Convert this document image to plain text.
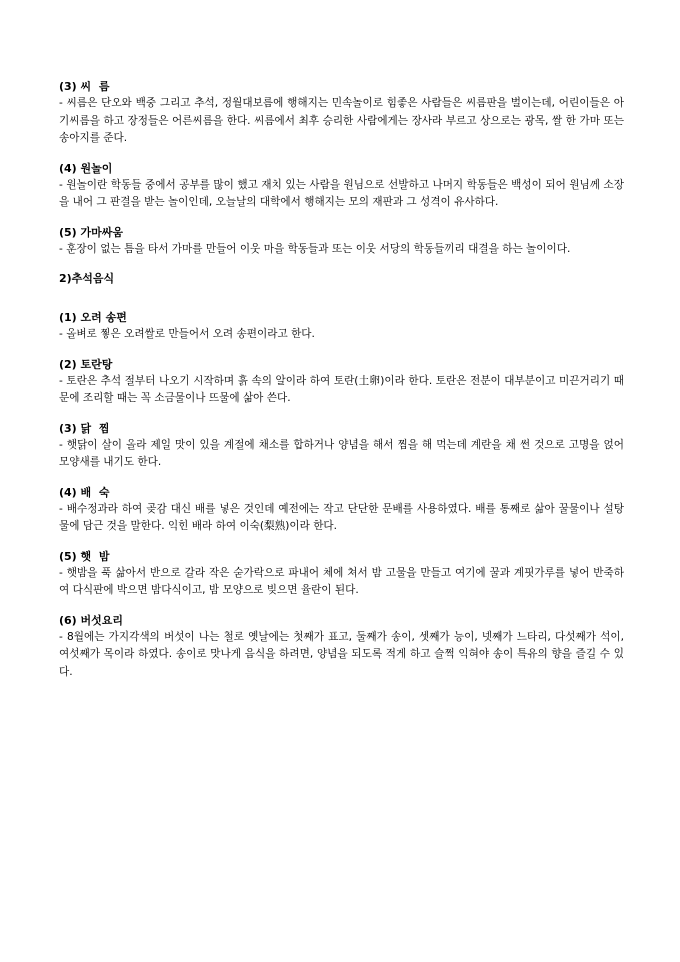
(3) 씨  름

- 씨름은 단오와 백중 그리고 추석, 정월대보름에 행해지는 민속놀이로 힘좋은 사람들은 씨름판을 벌이는데, 어린이들은 아기씨름을 하고 장정들은 어른씨름을 한다. 씨름에서 최후 승리한 사람에게는 장사라 부르고 상으로는 광목, 쌀 한 가마 또는 송아지를 준다.

(4) 원놀이

- 원놀이란 학동들 중에서 공부를 많이 했고 재치 있는 사람을 원님으로 선발하고 나머지 학동들은 백성이 되어 원님께 소장을 내어 그 판결을 받는 놀이인데, 오늘날의 대학에서 행해지는 모의 재판과 그 성격이 유사하다.

(5) 가마싸움

- 훈장이 없는 틈을 타서 가마를 만들어 이웃 마을 학동들과 또는 이웃 서당의 학동들끼리 대결을 하는 놀이이다.

2)추석음식

(1) 오려 송편

- 올벼로 찧은 오려쌀로 만들어서 오려 송편이라고 한다.

(2) 토란탕

- 토란은 추석 절부터 나오기 시작하며 흙 속의 알이라 하여 토란(土卵)이라 한다. 토란은 전분이 대부분이고 미끈거리기 때문에 조리할 때는 꼭 소금물이나 뜨물에 삶아 쓴다.

(3) 닭  찜

- 햇닭이 살이 올라 제일 맛이 있을 계절에 채소를 합하거나 양념을 해서 찜을 해 먹는데 계란을 채 썬 것으로 고명을 얹어 모양새를 내기도 한다.

(4) 배  숙

- 배수정과라 하여 곶감 대신 배를 넣은 것인데 예전에는 작고 단단한 문배를 사용하였다. 배를 통째로 삶아 꿀물이나 설탕물에 담근 것을 말한다. 익힌 배라 하여 이숙(梨熟)이라 한다.

(5) 햇  밤

- 햇밤을 푹 삶아서 반으로 갈라 작은 숟가락으로 파내어 체에 쳐서 밤 고물을 만들고 여기에 꿀과 계핏가루를 넣어 반죽하여 다식판에 박으면 밤다식이고, 밤 모양으로 빚으면 율란이 된다.

(6) 버섯요리

- 8월에는 가지각색의 버섯이 나는 철로 옛날에는 첫째가 표고, 둘째가 송이, 셋째가 능이, 넷째가 느타리, 다섯째가 석이, 여섯째가 목이라 하였다. 송이로 맛나게 음식을 하려면, 양념을 되도록 적게 하고 슬쩍 익혀야 송이 특유의 향을 즐길 수 있다.
